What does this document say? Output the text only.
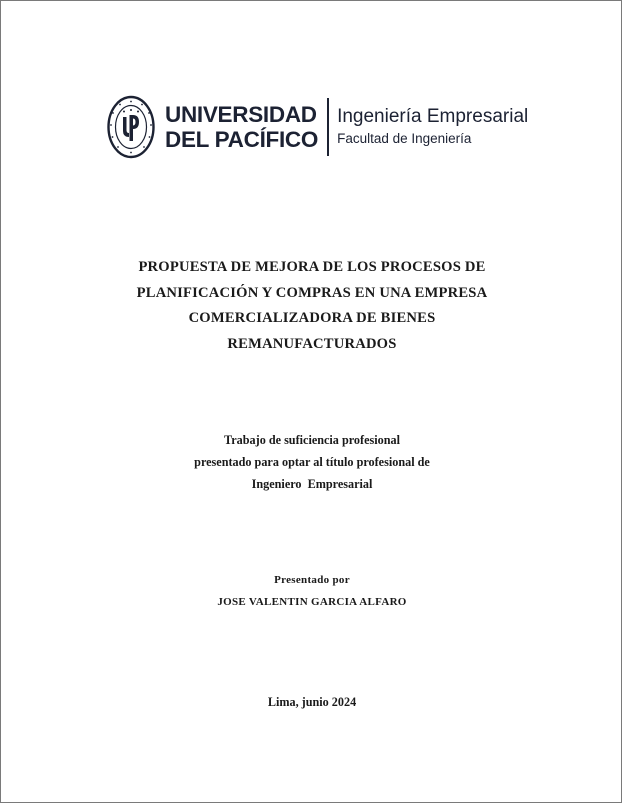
UNIVERSIDAD
DEL PACÍFICO
Ingeniería Empresarial
Facultad de Ingeniería
PROPUESTA DE MEJORA DE LOS PROCESOS DE
PLANIFICACIÓN Y COMPRAS EN UNA EMPRESA
COMERCIALIZADORA DE BIENES
REMANUFACTURADOS
Trabajo de suficiencia profesional
presentado para optar al título profesional de
Ingeniero  Empresarial
Presentado por
JOSE VALENTIN GARCIA ALFARO
Lima, junio 2024
